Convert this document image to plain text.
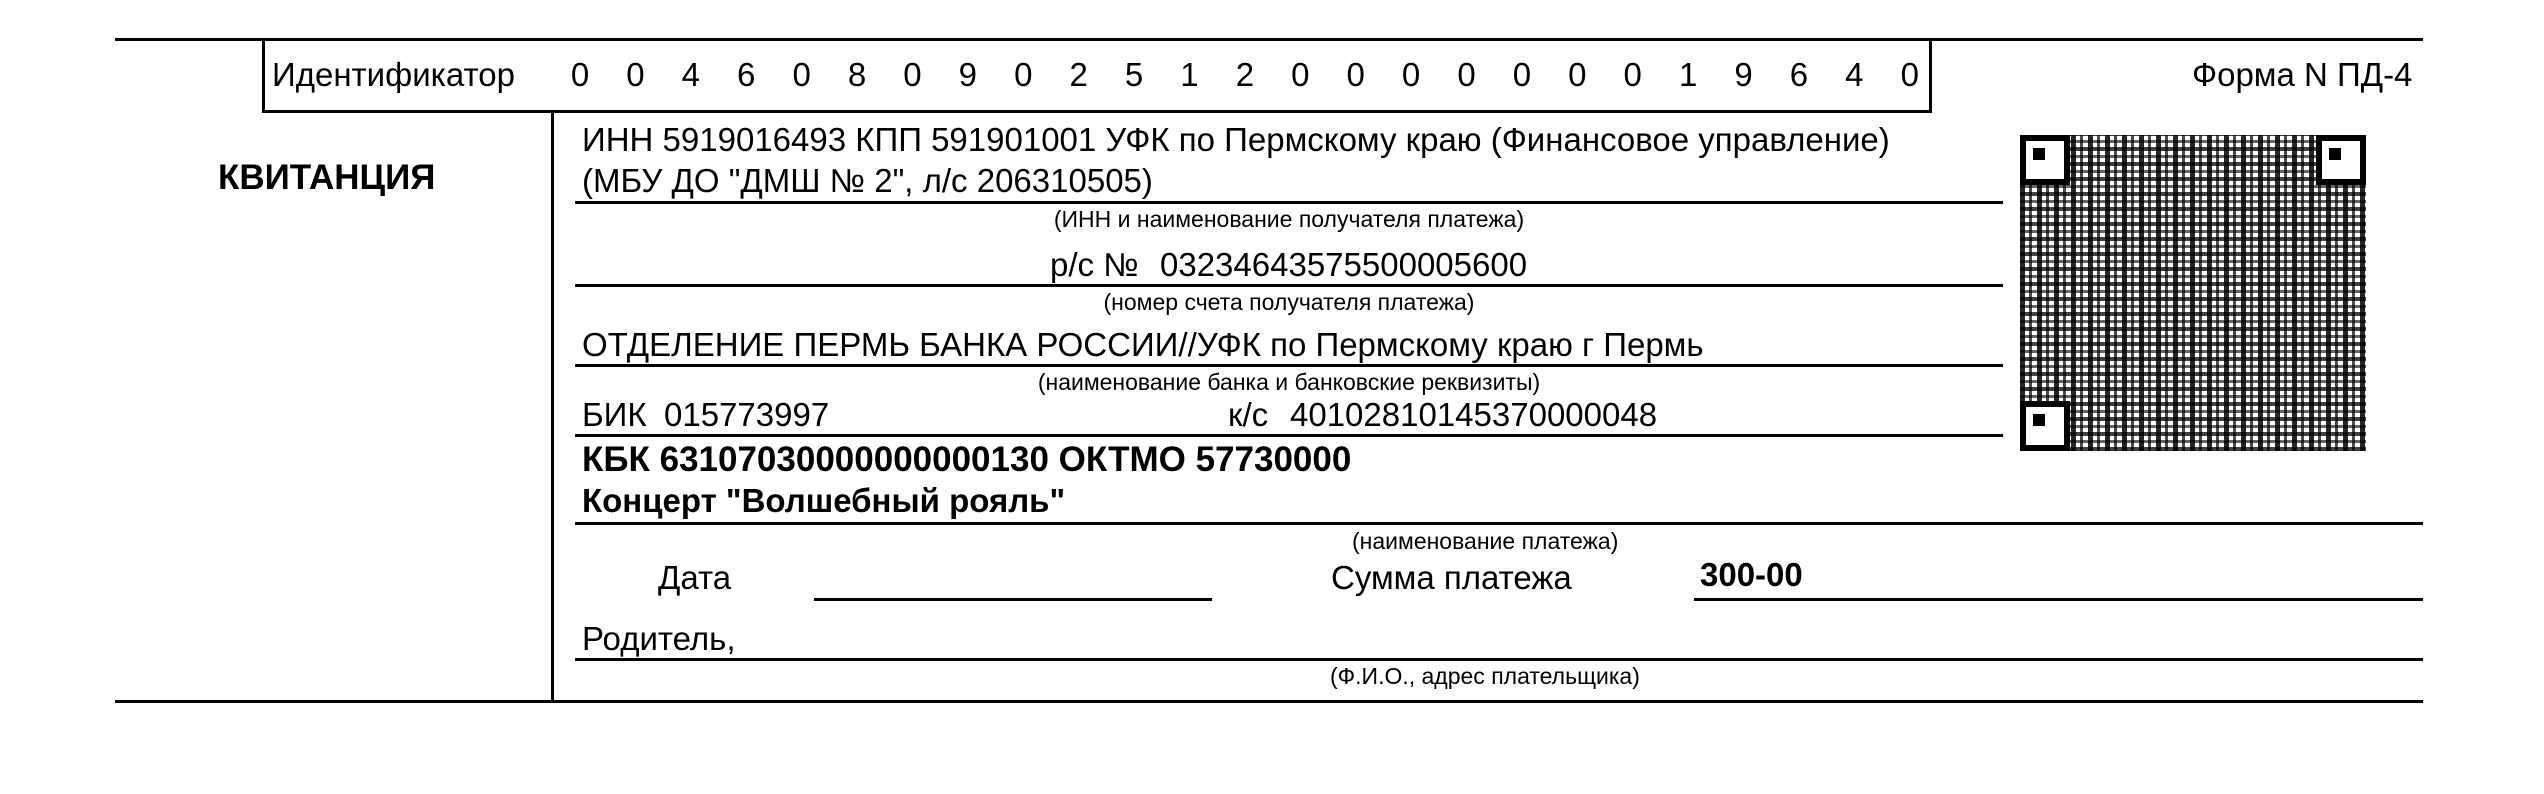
Идентификатор	0	0	4	6	0	8	0	9	0	2	5	1	2	0	0	0	0	0	0	0	1	9	6	4	0	Форма N ПД-4
КВИТАНЦИЯ
ИНН 5919016493 КПП 591901001 УФК по Пермскому краю (Финансовое управление)
(МБУ ДО "ДМШ № 2", л/с 206310505)
(ИНН и наименование получателя платежа)
р/с № 03234643575500005600
(номер счета получателя платежа)
ОТДЕЛЕНИЕ ПЕРМЬ БАНКА РОССИИ//УФК по Пермскому краю г Пермь
(наименование банка и банковские реквизиты)
БИК 015773997	к/с 40102810145370000048
КБК 63107030000000000130 ОКТМО 57730000
Концерт "Волшебный рояль"
(наименование платежа)
Дата	Сумма платежа	300-00
Родитель,
(Ф.И.О., адрес плательщика)
